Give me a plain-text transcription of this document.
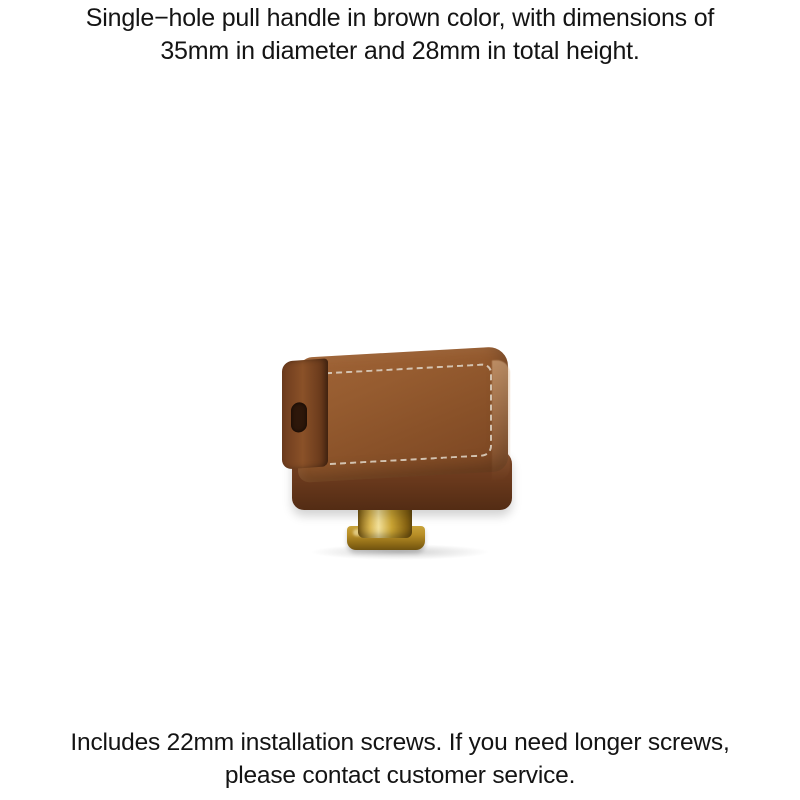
Single−hole pull handle in brown color, with dimensions of 35mm in diameter and 28mm in total height.
Includes 22mm installation screws. If you need longer screws, please contact customer service.
